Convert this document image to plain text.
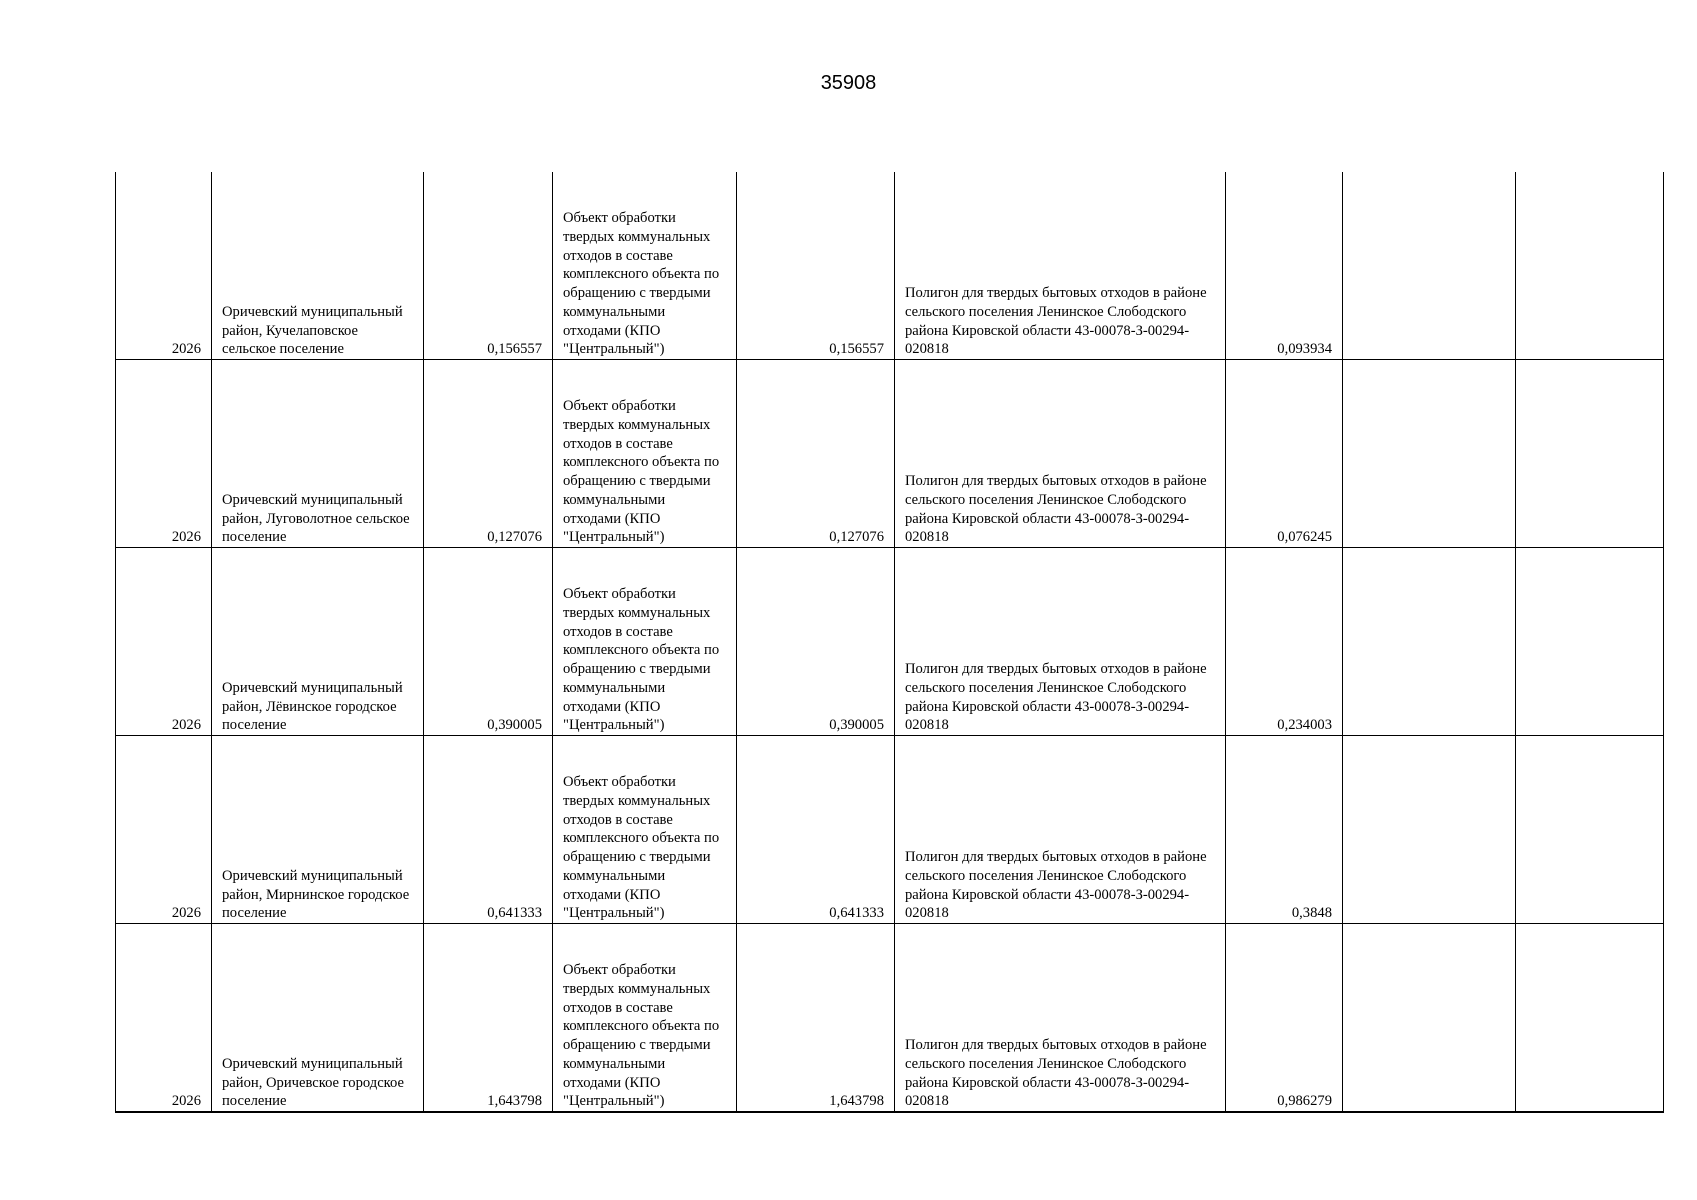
35908
2026	Оричевский муниципальный район, Кучелаповское сельское поселение	0,156557	Объект обработки твердых коммунальных отходов в составе комплексного объекта по обращению с твердыми коммунальными отходами (КПО "Центральный")	0,156557	Полигон для твердых бытовых отходов в районе сельского поселения Ленинское Слободского района Кировской области 43-00078-З-00294-020818	0,093934		
2026	Оричевский муниципальный район, Луговолотное сельское поселение	0,127076	Объект обработки твердых коммунальных отходов в составе комплексного объекта по обращению с твердыми коммунальными отходами (КПО "Центральный")	0,127076	Полигон для твердых бытовых отходов в районе сельского поселения Ленинское Слободского района Кировской области 43-00078-З-00294-020818	0,076245		
2026	Оричевский муниципальный район, Лёвинское городское поселение	0,390005	Объект обработки твердых коммунальных отходов в составе комплексного объекта по обращению с твердыми коммунальными отходами (КПО "Центральный")	0,390005	Полигон для твердых бытовых отходов в районе сельского поселения Ленинское Слободского района Кировской области 43-00078-З-00294-020818	0,234003		
2026	Оричевский муниципальный район, Мирнинское городское поселение	0,641333	Объект обработки твердых коммунальных отходов в составе комплексного объекта по обращению с твердыми коммунальными отходами (КПО "Центральный")	0,641333	Полигон для твердых бытовых отходов в районе сельского поселения Ленинское Слободского района Кировской области 43-00078-З-00294-020818	0,3848		
2026	Оричевский муниципальный район, Оричевское городское поселение	1,643798	Объект обработки твердых коммунальных отходов в составе комплексного объекта по обращению с твердыми коммунальными отходами (КПО "Центральный")	1,643798	Полигон для твердых бытовых отходов в районе сельского поселения Ленинское Слободского района Кировской области 43-00078-З-00294-020818	0,986279		
